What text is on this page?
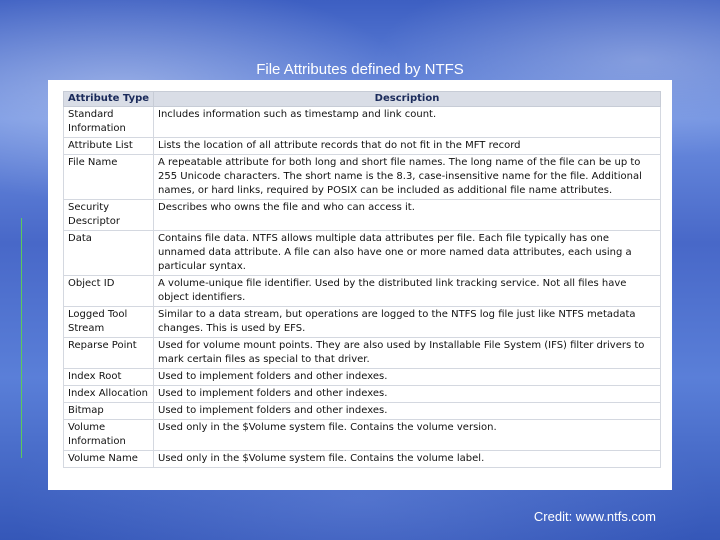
File Attributes defined by NTFS
Attribute Type	Description
Standard Information	Includes information such as timestamp and link count.
Attribute List	Lists the location of all attribute records that do not fit in the MFT record
File Name	A repeatable attribute for both long and short file names. The long name of the file can be up to 255 Unicode characters. The short name is the 8.3, case-insensitive name for the file. Additional names, or hard links, required by POSIX can be included as additional file name attributes.
Security Descriptor	Describes who owns the file and who can access it.
Data	Contains file data. NTFS allows multiple data attributes per file. Each file typically has one unnamed data attribute. A file can also have one or more named data attributes, each using a particular syntax.
Object ID	A volume-unique file identifier. Used by the distributed link tracking service. Not all files have object identifiers.
Logged Tool Stream	Similar to a data stream, but operations are logged to the NTFS log file just like NTFS metadata changes. This is used by EFS.
Reparse Point	Used for volume mount points. They are also used by Installable File System (IFS) filter drivers to mark certain files as special to that driver.
Index Root	Used to implement folders and other indexes.
Index Allocation	Used to implement folders and other indexes.
Bitmap	Used to implement folders and other indexes.
Volume Information	Used only in the $Volume system file. Contains the volume version.
Volume Name	Used only in the $Volume system file. Contains the volume label.
Credit: www.ntfs.com
